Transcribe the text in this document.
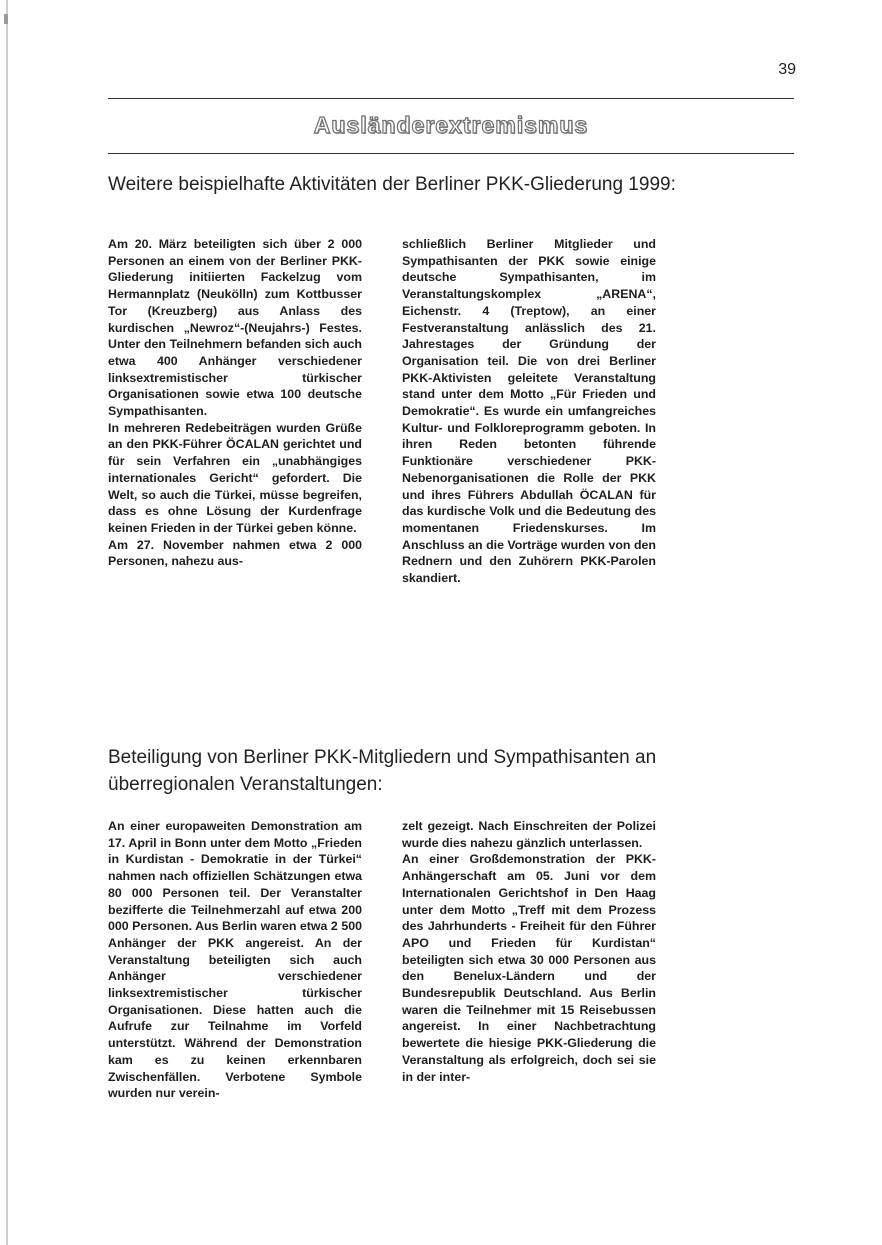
39
Ausländerextremismus
Weitere beispielhafte Aktivitäten der Berliner PKK-Gliederung 1999:

Am 20. März beteiligten sich über 2 000 Personen an einem von der Berliner PKK-Gliederung initiierten Fackelzug vom Hermannplatz (Neukölln) zum Kottbusser Tor (Kreuzberg) aus Anlass des kurdischen „Newroz“-(Neujahrs-) Festes. Unter den Teilnehmern befanden sich auch etwa 400 Anhänger verschiedener linksextremistischer türkischer Organisationen sowie etwa 100 deutsche Sympathisanten.

In mehreren Redebeiträgen wurden Grüße an den PKK-Führer ÖCALAN gerichtet und für sein Verfahren ein „unabhängiges internationales Gericht“ gefordert. Die Welt, so auch die Türkei, müsse begreifen, dass es ohne Lösung der Kurdenfrage keinen Frieden in der Türkei geben könne.

Am 27. November nahmen etwa 2 000 Personen, nahezu aus-

schließlich Berliner Mitglieder und Sympathisanten der PKK sowie einige deutsche Sympathisanten, im Veranstaltungskomplex „ARENA“, Eichenstr. 4 (Treptow), an einer Festveranstaltung anlässlich des 21. Jahrestages der Gründung der Organisation teil. Die von drei Berliner PKK-Aktivisten geleitete Veranstaltung stand unter dem Motto „Für Frieden und Demokratie“. Es wurde ein umfangreiches Kultur- und Folkloreprogramm geboten. In ihren Reden betonten führende Funktionäre verschiedener PKK-Nebenorganisationen die Rolle der PKK und ihres Führers Abdullah ÖCALAN für das kurdische Volk und die Bedeutung des momentanen Friedenskurses. Im Anschluss an die Vorträge wurden von den Rednern und den Zuhörern PKK-Parolen skandiert.

Beteiligung von Berliner PKK-Mitgliedern und Sympathisanten an überregionalen Veranstaltungen:

An einer europaweiten Demonstration am 17. April in Bonn unter dem Motto „Frieden in Kurdistan - Demokratie in der Türkei“ nahmen nach offiziellen Schätzungen etwa 80 000 Personen teil. Der Veranstalter bezifferte die Teilnehmerzahl auf etwa 200 000 Personen. Aus Berlin waren etwa 2 500 Anhänger der PKK angereist. An der Veranstaltung beteiligten sich auch Anhänger verschiedener linksextremistischer türkischer Organisationen. Diese hatten auch die Aufrufe zur Teilnahme im Vorfeld unterstützt. Während der Demonstration kam es zu keinen erkennbaren Zwischenfällen. Verbotene Symbole wurden nur verein-

zelt gezeigt. Nach Einschreiten der Polizei wurde dies nahezu gänzlich unterlassen.

An einer Großdemonstration der PKK-Anhängerschaft am 05. Juni vor dem Internationalen Gerichtshof in Den Haag unter dem Motto „Treff mit dem Prozess des Jahrhunderts - Freiheit für den Führer APO und Frieden für Kurdistan“ beteiligten sich etwa 30 000 Personen aus den Benelux-Ländern und der Bundesrepublik Deutschland. Aus Berlin waren die Teilnehmer mit 15 Reisebussen angereist. In einer Nachbetrachtung bewertete die hiesige PKK-Gliederung die Veranstaltung als erfolgreich, doch sei sie in der inter-
